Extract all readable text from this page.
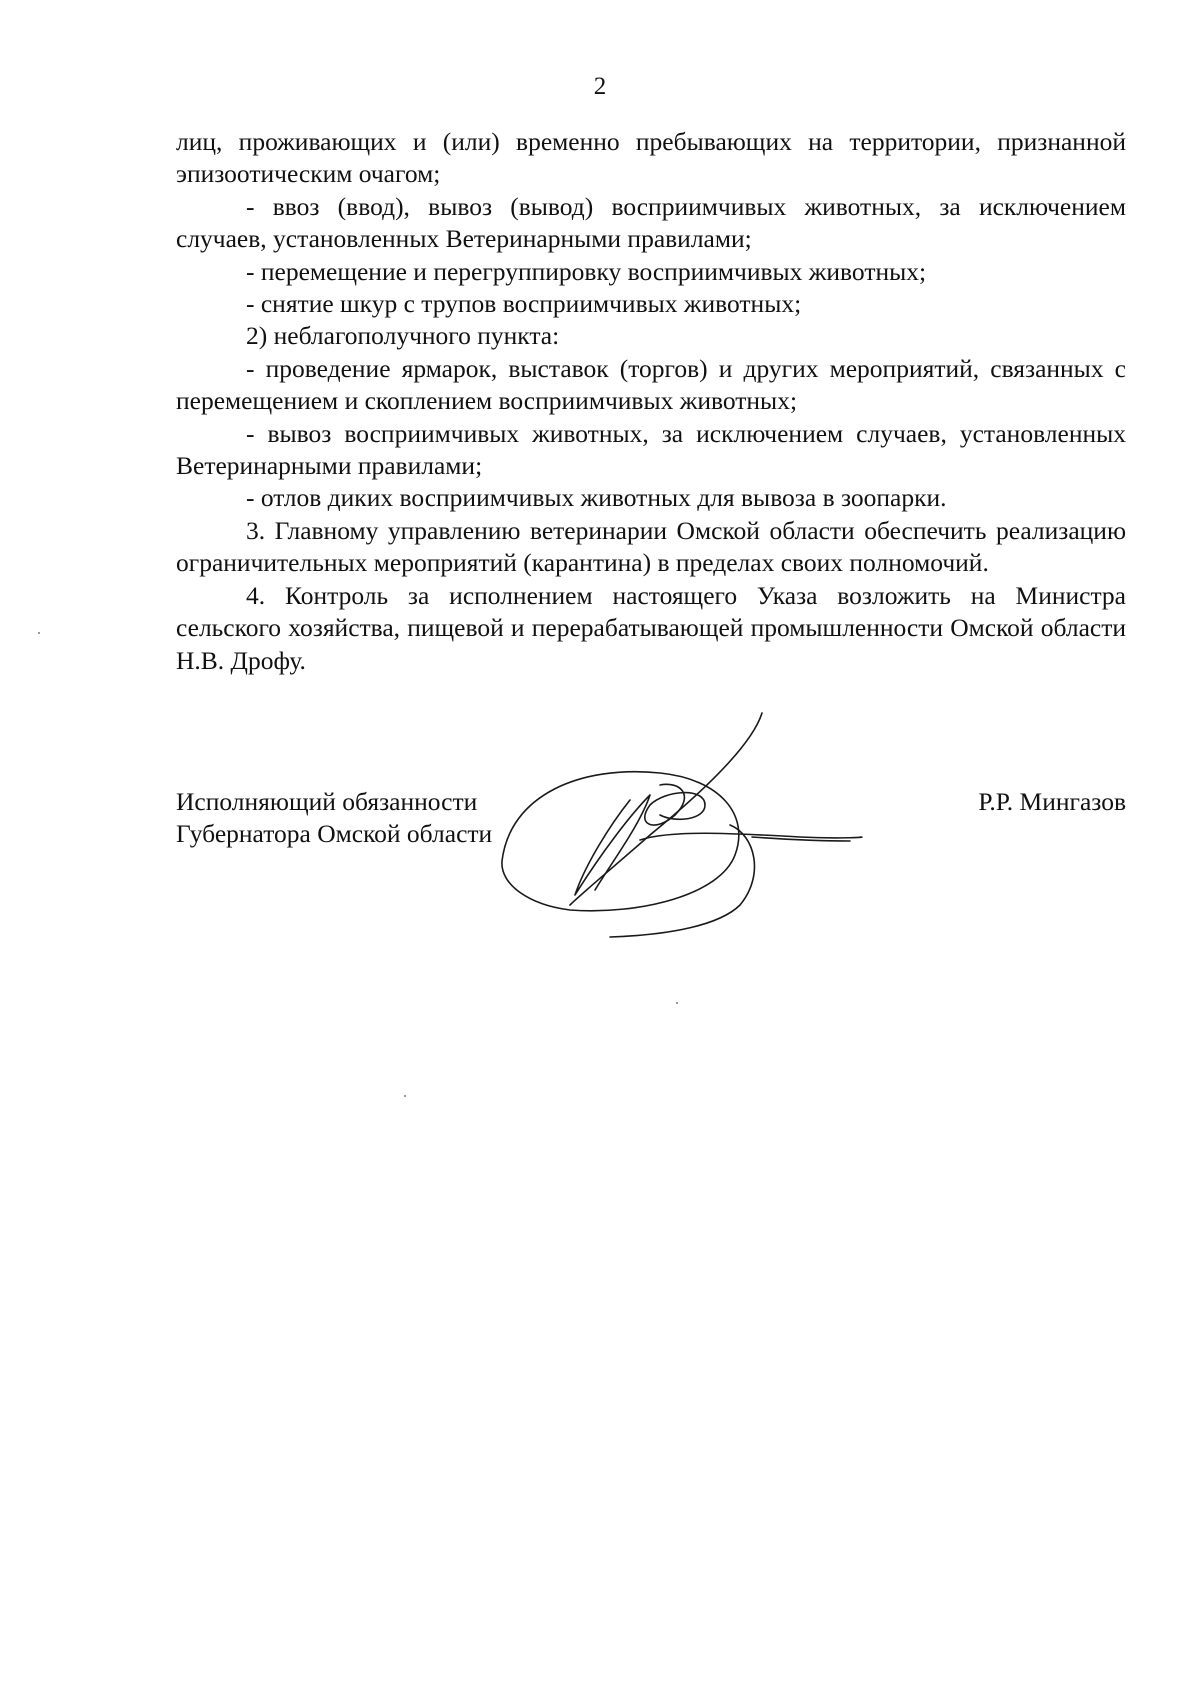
2

лиц, проживающих и (или) временно пребывающих на территории, признанной эпизоотическим очагом;

- ввоз (ввод), вывоз (вывод) восприимчивых животных, за исключением случаев, установленных Ветеринарными правилами;

- перемещение и перегруппировку восприимчивых животных;

- снятие шкур с трупов восприимчивых животных;

2) неблагополучного пункта:

- проведение ярмарок, выставок (торгов) и других мероприятий, связанных с перемещением и скоплением восприимчивых животных;

- вывоз восприимчивых животных, за исключением случаев, установленных Ветеринарными правилами;

- отлов диких восприимчивых животных для вывоза в зоопарки.

3. Главному управлению ветеринарии Омской области обеспечить реализацию ограничительных мероприятий (карантина) в пределах своих полномочий.

4. Контроль за исполнением настоящего Указа возложить на Министра сельского хозяйства, пищевой и перерабатывающей промышленности Омской области Н.В. Дрофу.

Исполняющий обязанности

Губернатора Омской области

Р.Р. Мингазов
